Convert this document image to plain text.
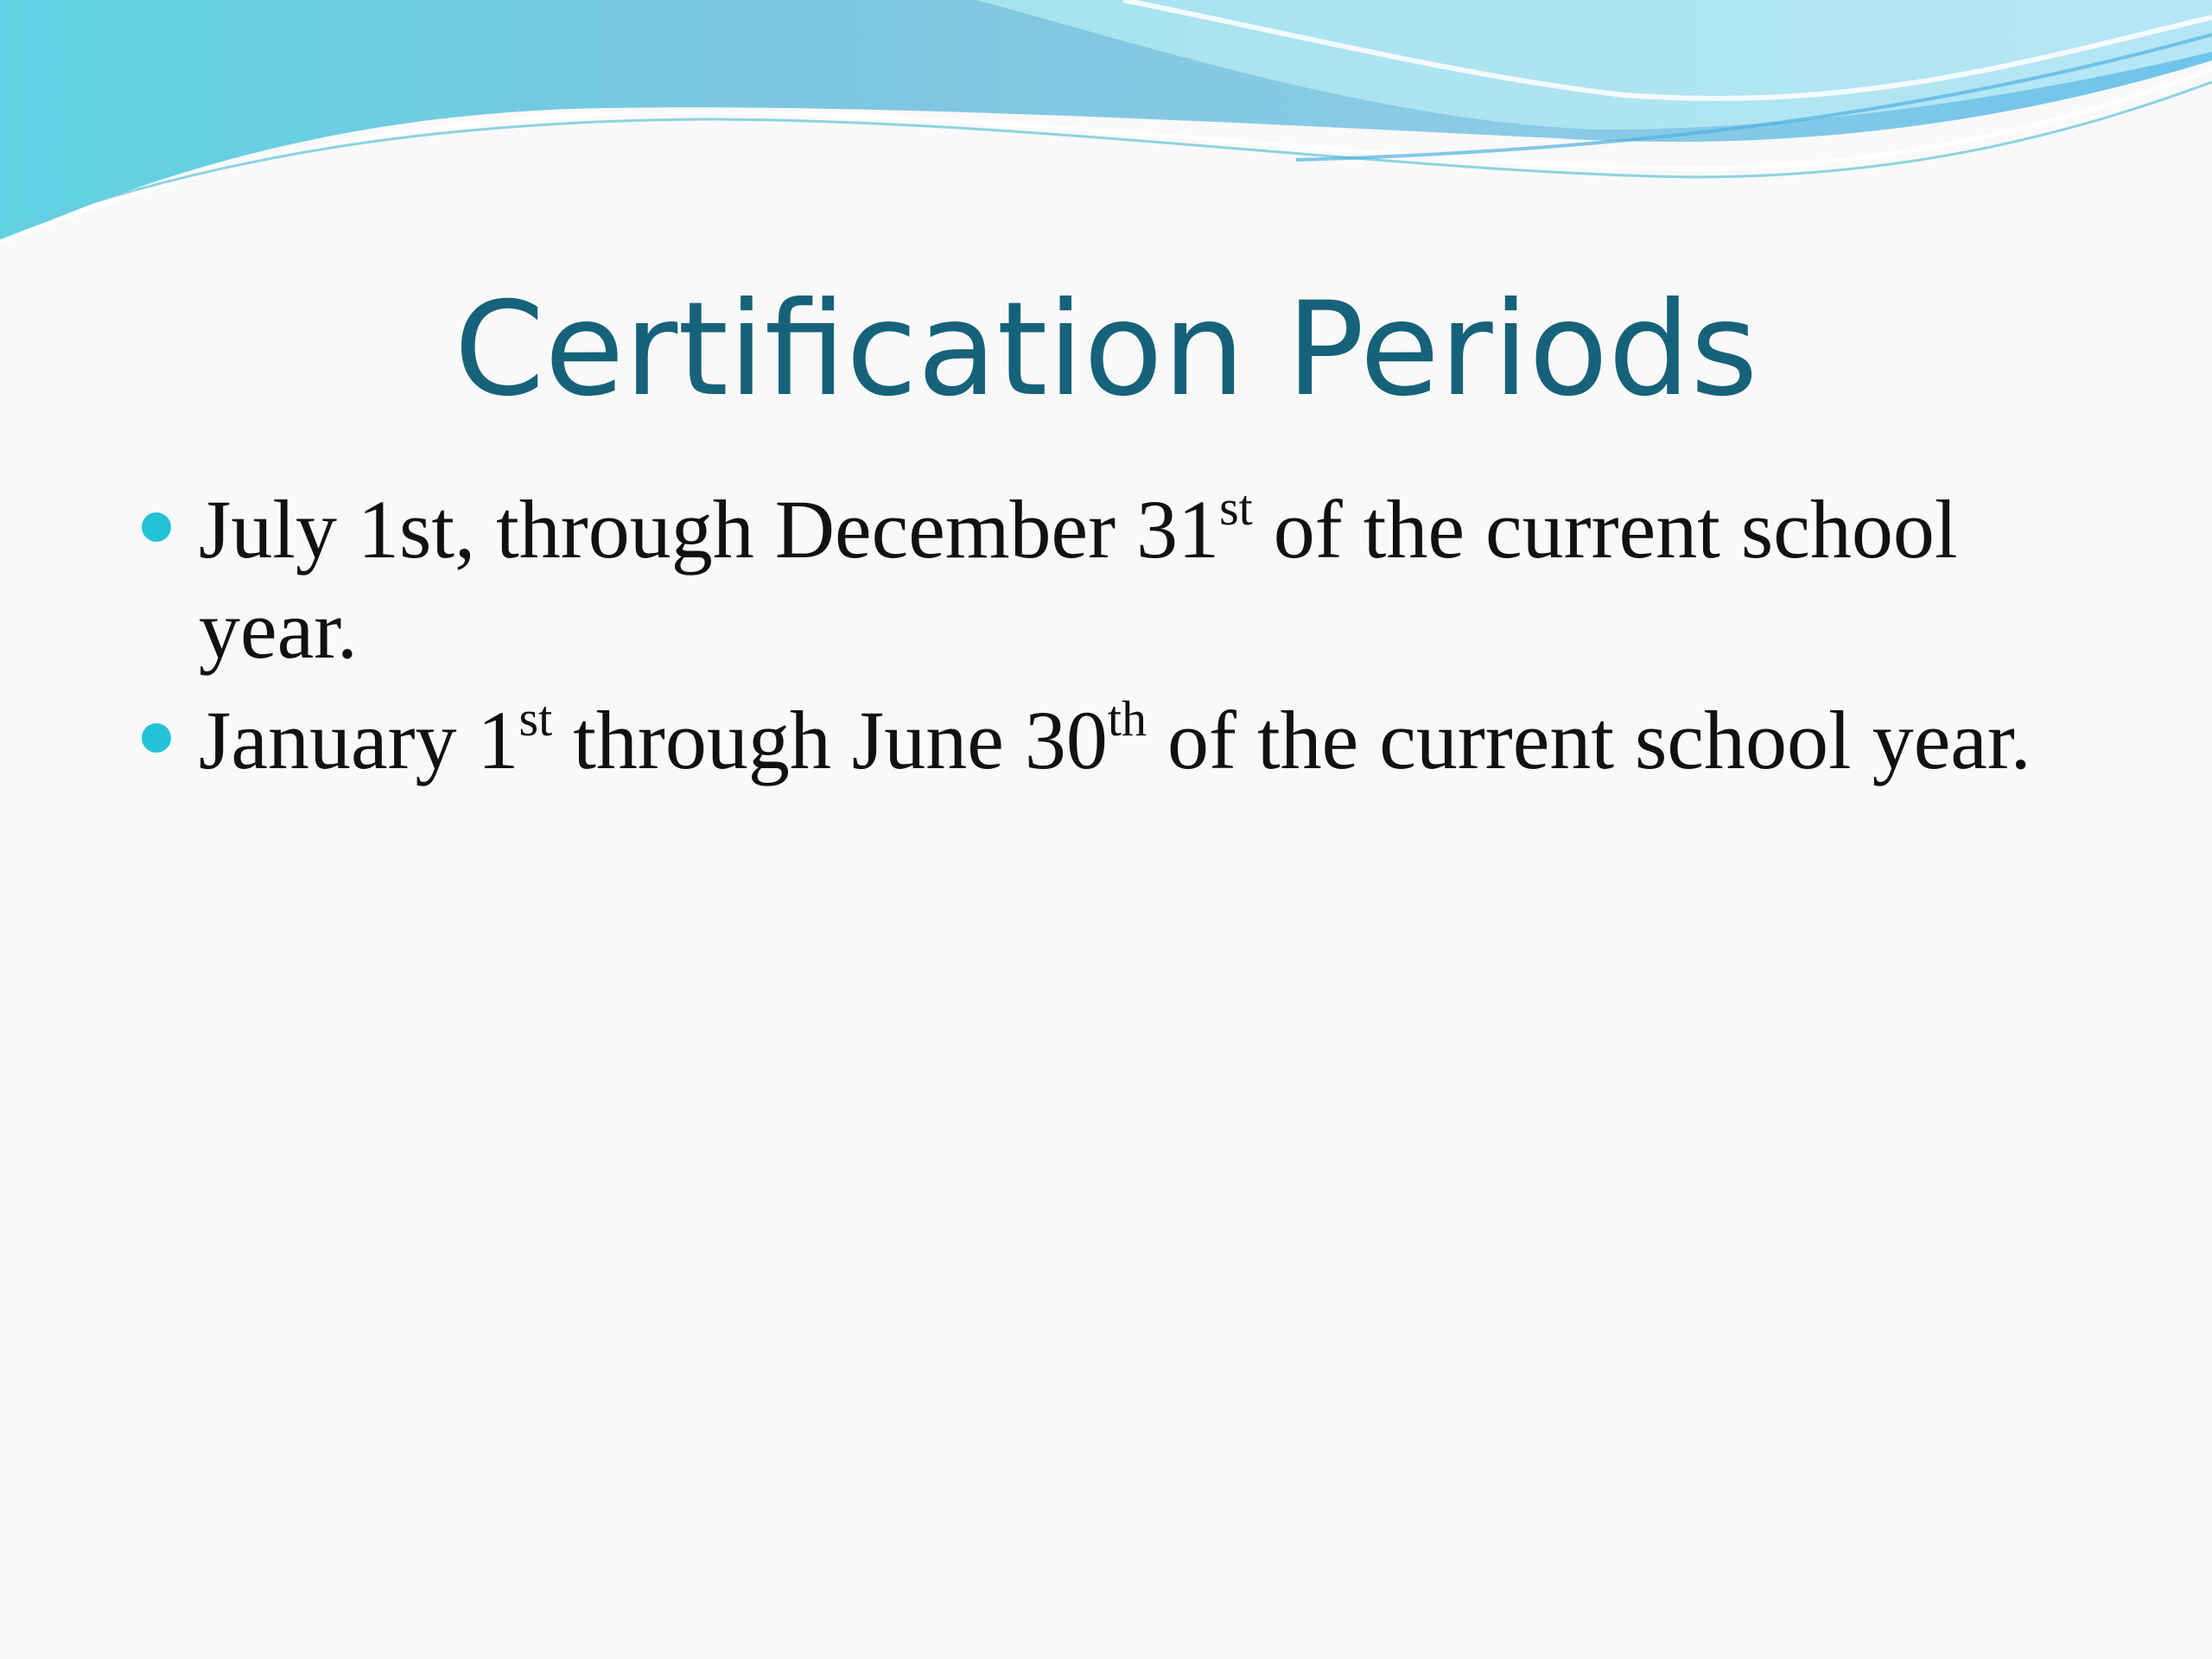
Certification Periods
July 1st, through December 31st of the current school year.
January 1st through June 30th of the current school year.
